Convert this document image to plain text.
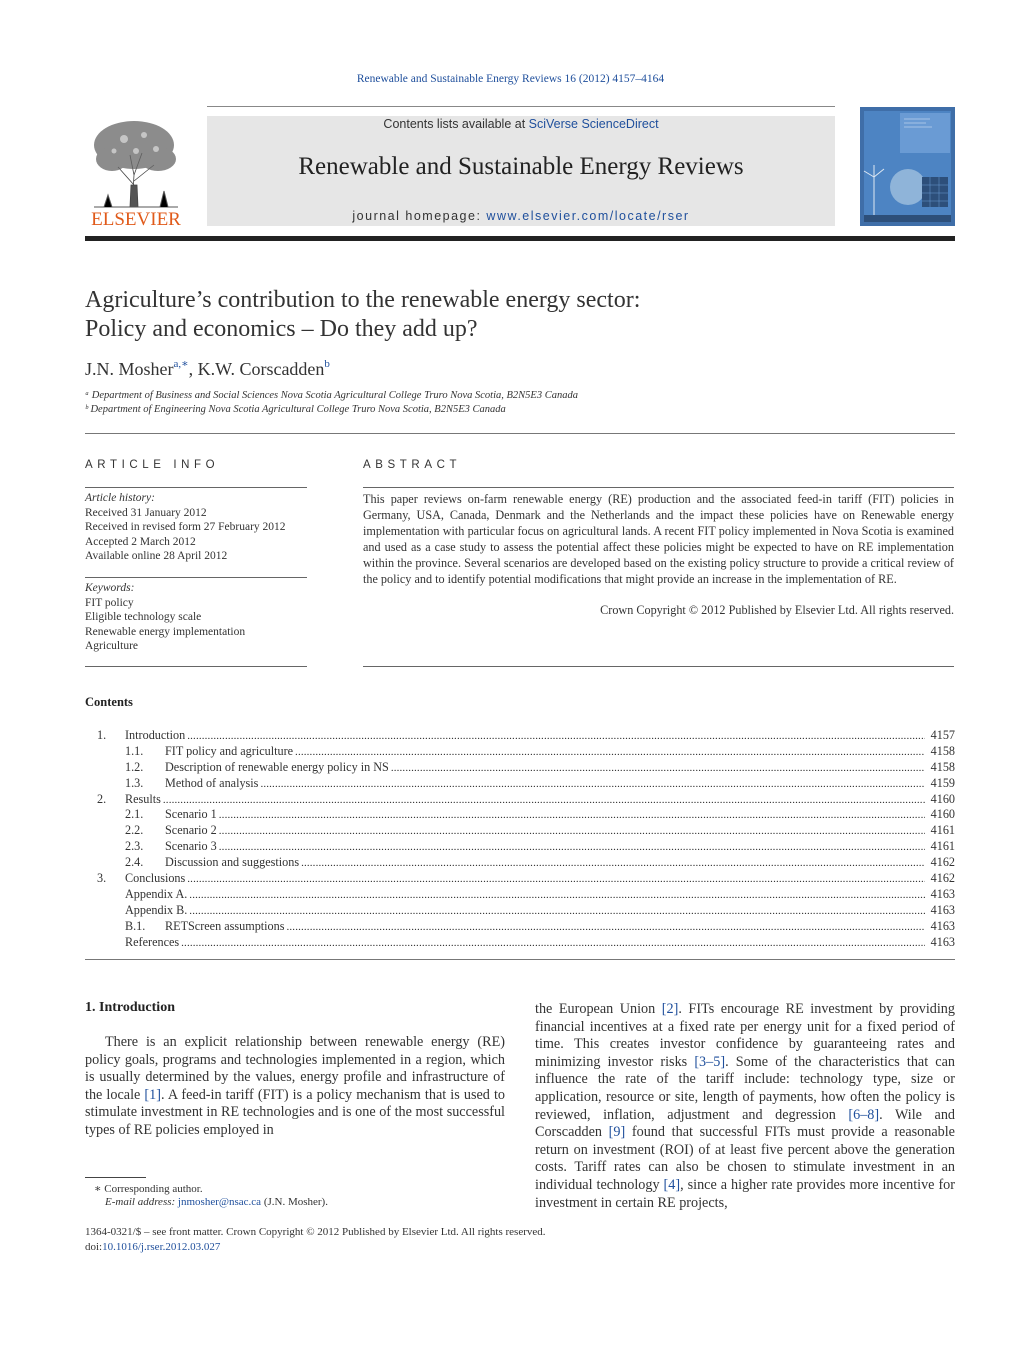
Renewable and Sustainable Energy Reviews 16 (2012) 4157–4164
ELSEVIER
Contents lists available at SciVerse ScienceDirect
Renewable and Sustainable Energy Reviews
journal homepage: www.elsevier.com/locate/rser
Agriculture’s contribution to the renewable energy sector:
Policy and economics – Do they add up?
J.N. Mosher$^{a,∗}$, K.W. Corscadden$^b$
ᵃ Department of Business and Social Sciences Nova Scotia Agricultural College Truro Nova Scotia, B2N5E3 Canada
ᵇ Department of Engineering Nova Scotia Agricultural College Truro Nova Scotia, B2N5E3 Canada
ARTICLE INFO
Article history:
Received 31 January 2012
Received in revised form 27 February 2012
Accepted 2 March 2012
Available online 28 April 2012
Keywords:
FIT policy
Eligible technology scale
Renewable energy implementation
Agriculture
ABSTRACT
This paper reviews on-farm renewable energy (RE) production and the associated feed-in tariff (FIT) policies in Germany, USA, Canada, Denmark and the Netherlands and the impact these policies have on Renewable energy implementation with particular focus on agricultural lands. A recent FIT policy implemented in Nova Scotia is examined and used as a case study to assess the potential affect these policies might be expected to have on RE implementation within the province. Several scenarios are developed based on the existing policy structure to provide a critical review of the policy and to identify potential modifications that might provide an increase in the implementation of RE.
Crown Copyright © 2012 Published by Elsevier Ltd. All rights reserved.
Contents
1. Introduction . . .	4157
1.1. FIT policy and agriculture . . .	4158
1.2. Description of renewable energy policy in NS . . .	4158
1.3. Method of analysis . . .	4159
2. Results . . .	4160
2.1. Scenario 1 . . .	4160
2.2. Scenario 2 . . .	4161
2.3. Scenario 3 . . .	4161
2.4. Discussion and suggestions . . .	4162
3. Conclusions . . .	4162
Appendix A. . . .	4163
Appendix B. . . .	4163
B.1. RETScreen assumptions . . .	4163
References . . .	4163
1. Introduction
There is an explicit relationship between renewable energy (RE) policy goals, programs and technologies implemented in a region, which is usually determined by the values, energy profile and infrastructure of the locale [1]. A feed-in tariff (FIT) is a policy mechanism that is used to stimulate investment in RE technologies and is one of the most successful types of RE policies employed in
the European Union [2]. FITs encourage RE investment by providing financial incentives at a fixed rate per energy unit for a fixed period of time. This creates investor confidence by guaranteeing rates and minimizing investor risks [3–5]. Some of the characteristics that can influence the rate of the tariff include: technology type, size or application, resource or site, length of payments, how often the policy is reviewed, inflation, adjustment and degression [6–8]. Wile and Corscadden [9] found that successful FITs must provide a reasonable return on investment (ROI) of at least five percent above the generation costs. Tariff rates can also be chosen to stimulate investment in an individual technology [4], since a higher rate provides more incentive for investment in certain RE projects,
∗ Corresponding author.
E-mail address: jnmosher@nsac.ca (J.N. Mosher).
1364-0321/$ – see front matter. Crown Copyright © 2012 Published by Elsevier Ltd. All rights reserved.
doi:10.1016/j.rser.2012.03.027
